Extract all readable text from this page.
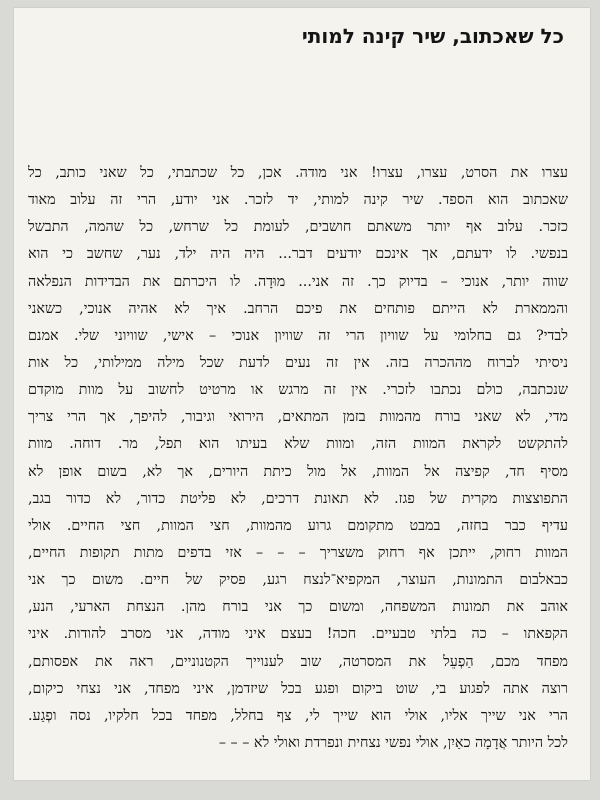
כל שאכתוב, שיר קינה למותי
עצרו את הסרט, עצרו, עצרו! אני מודה. אכן, כל שכתבתי, כל שאני כותב, כל
שאכתוב הוא הספד. שיר קינה למותי, יד לזכר. אני יודע, הרי זה עלוב מאוד
כזכר. עלוב אף יותר משאתם חושבים, לעומת כל שרחש, כל שהמה, התבשל
בנפשי. לו ידעתם, אך אינכם יודעים דבר... היה היה ילד, נער, שחשב כי הוא
שווה יותר, אנוכי – בדיוק כך. זה אני... מוּדָה. לו היכרתם את הבדידות הנפלאה
והממארת לא הייתם פותחים את פיכם הרחב. איך לא אהיה אנוכי, כשאני
לבדי? גם בחלומי על שוויון הרי זה שוויון אנוכי – אישי, שוויוני שלי. אמנם
ניסיתי לברוח מההכרה בזה. אין זה נעים לדעת שכל מילה ממילותי, כל אות
שנכתבה, כולם נכתבו לזכרי. אין זה מרגש או מרטיט לחשוב על מוות מוקדם
מדי, לא שאני בורח מהמוות בזמן המתאים, הירואי וגיבור, להיפך, אך הרי צריך
להתקשט לקראת המוות הזה, ומוות שלא בעיתו הוא תפל, מר. דוחה. מוות
מסיף חד, קפיצה אל המוות, אל מול כיתת היורים, אך לא, בשום אופן לא
התפוצצות מקרית של פגז. לא תאונת דרכים, לא פליטת כדור, לא כדור בגב,
עדיף כבר בחזה, במבט מתקומם גרוע מהמוות, חצי המוות, חצי החיים. אולי
המוות רחוק, ייתכן אף רחוק משצריך – – – אזי בדפים מתות תקופות החיים,
כבאלבום התמונות, העוצר, המקפיא־לנצח רגע, פסיק של חיים. משום כך אני
אוהב את תמונות המשפחה, ומשום כך אני בורח מהן. הנצחת הארעי, הנע,
הקפאתו – כה בלתי טבעיים. חכה! בעצם איני מודה, אני מסרב להודות. איני
מפחד מכם, הַפְעֵל את המסרטה, שוב לענוייך הקטנוניים, ראה את אפסותם,
רוצה אתה לפגוע בי, שוט ביקום ופגע בכל שיזדמן, איני מפחד, אני נצחי כיקום,
הרי אני שייך אליו, אולי הוא שייך לי, צף בחלל, מפחד בכל חלקיו, נסה ופְגַע.
לכל היותר אֲדָמָה כאַיִן, אולי נפשי נצחית ונפרדת ואולי לא – – –
